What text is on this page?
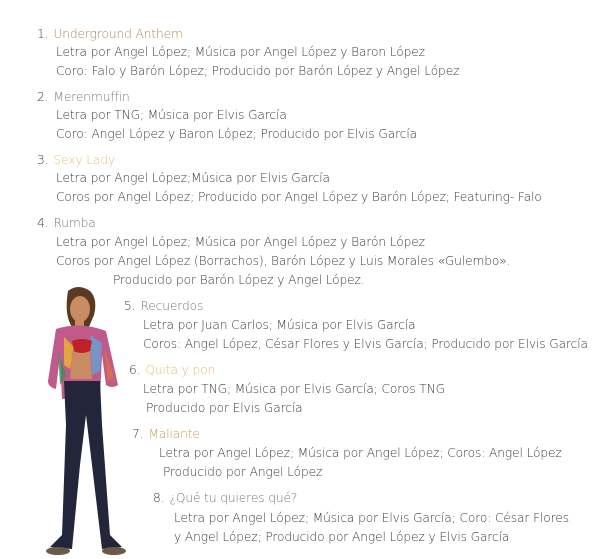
1. Underground Anthem
Letra por Angel López; Música por Angel López y Baron López
Coro: Falo y Barón López; Producido por Barón López y Angel López
2. Merenmuffin
Letra por TNG; Música por Elvis García
Coro: Angel López y Baron López; Producido por Elvis García
3. Sexy Lady
Letra por Angel López;Música por Elvis García
Coros por Angel López; Producido por Angel López y Barón López; Featuring- Falo
4. Rumba
Letra por Angel López; Música por Angel López y Barón López
Coros por Angel López (Borrachos), Barón López y Luis Morales «Gulembo».
Producido por Barón López y Angel López.
5. Recuerdos
Letra por Juan Carlos; Música por Elvis García
Coros: Angel López, César Flores y Elvis García; Producido por Elvis García
6. Quita y pon
Letra por TNG; Música por Elvis García; Coros TNG
Producido por Elvis García
7. Maliante
Letra por Angel López; Música por Angel López; Coros: Angel López
Producido por Angel López
8. ¿Qué tu quieres qué?
Letra por Angel López; Música por Elvis García; Coro: César Flores
y Angel López; Producido por Angel López y Elvis García
